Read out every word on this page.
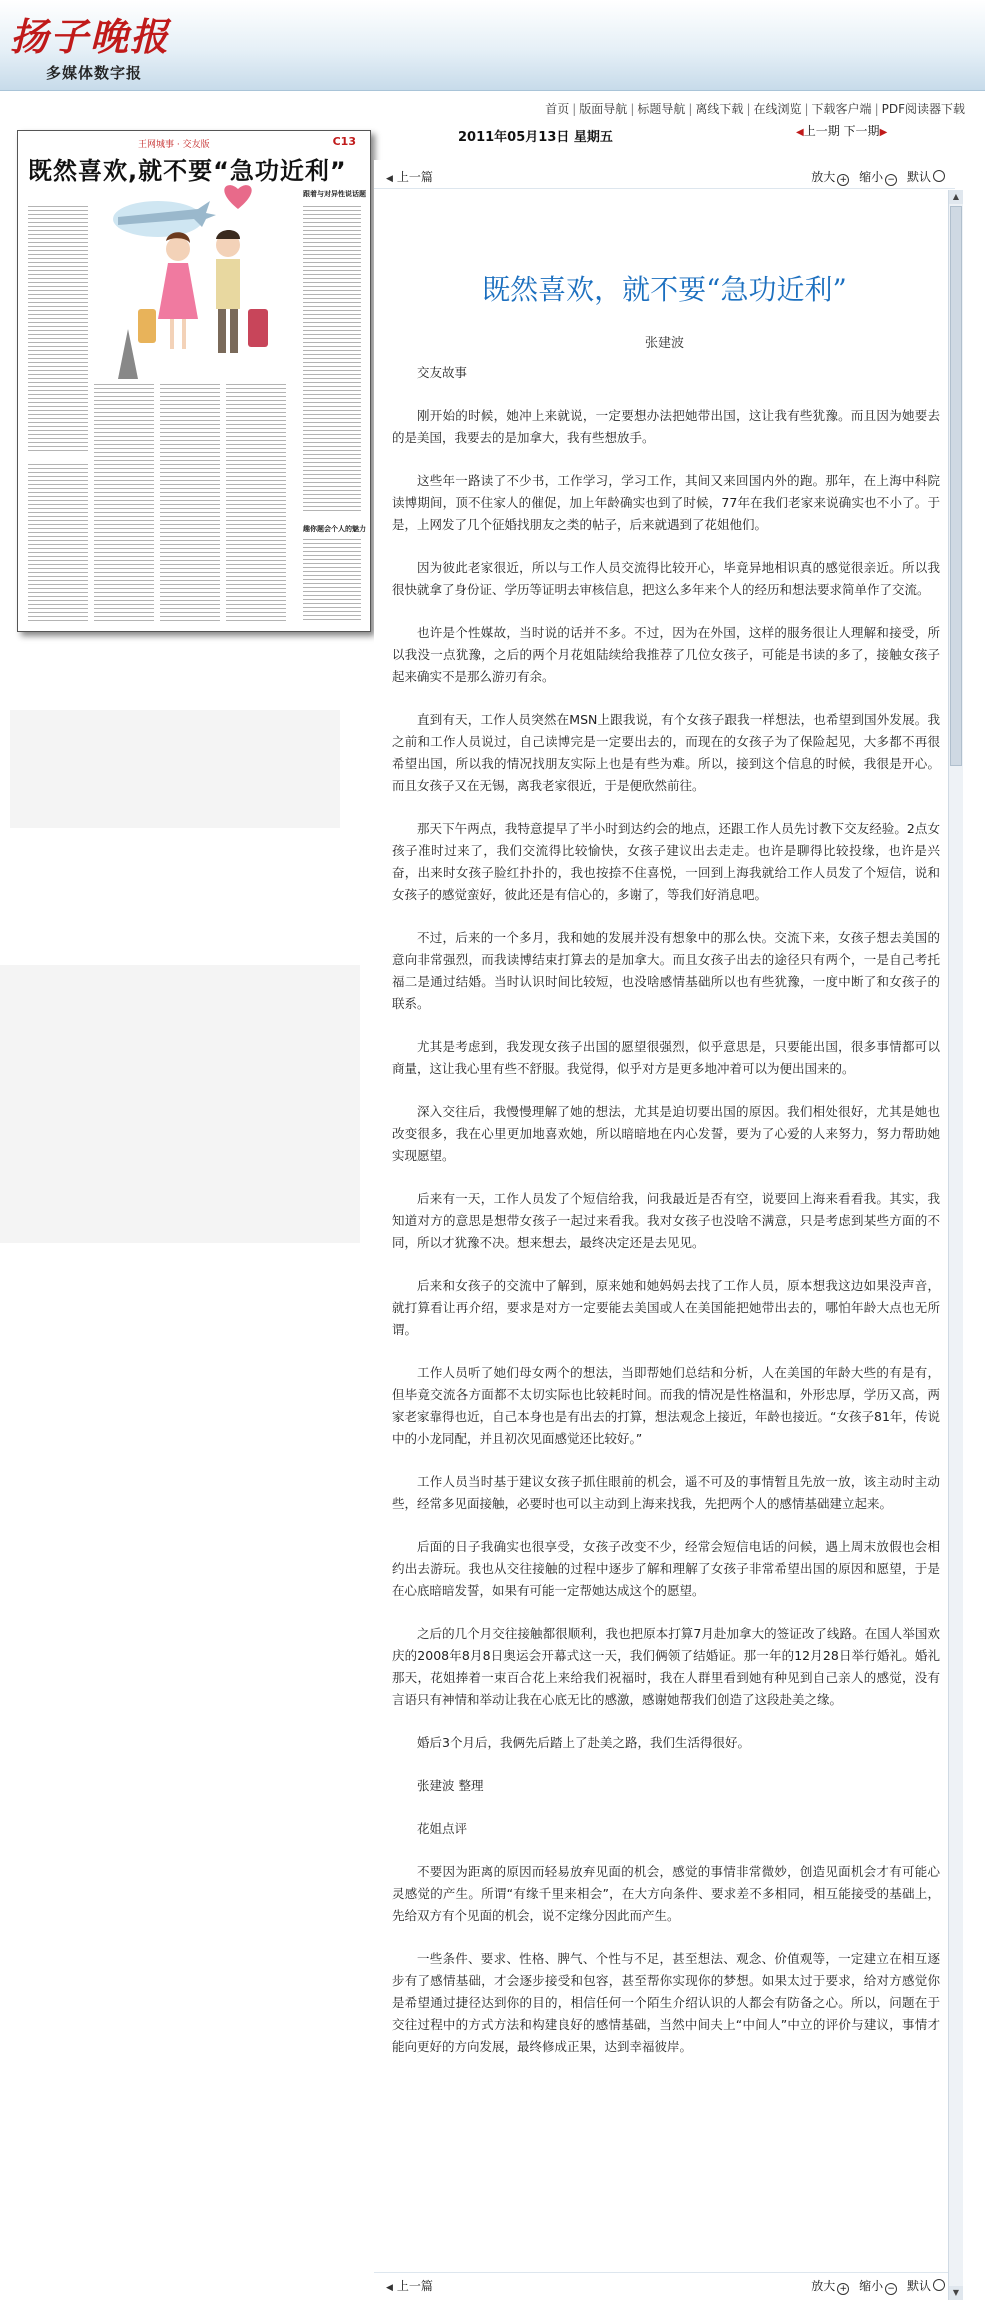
扬子晚报
多媒体数字报
首页 | 版面导航 | 标题导航 | 离线下载 | 在线浏览 | 下载客户端 | PDF阅读器下载
2011年05月13日 星期五	◀上一期 下一期▶
王网城事 · 交友版	C13
既然喜欢,就不要“急功近利”
跟着与对异性说话题
趣你题会个人的魅力
◀ 上一篇	放大 + 缩小 − 默认
既然喜欢，就不要“急功近利”
张建波

交友故事

刚开始的时候，她冲上来就说，一定要想办法把她带出国，这让我有些犹豫。而且因为她要去的是美国，我要去的是加拿大，我有些想放手。

这些年一路读了不少书，工作学习，学习工作，其间又来回国内外的跑。那年，在上海中科院读博期间，顶不住家人的催促，加上年龄确实也到了时候，77年在我们老家来说确实也不小了。于是，上网发了几个征婚找朋友之类的帖子，后来就遇到了花姐他们。

因为彼此老家很近，所以与工作人员交流得比较开心，毕竟异地相识真的感觉很亲近。所以我很快就拿了身份证、学历等证明去审核信息，把这么多年来个人的经历和想法要求简单作了交流。

也许是个性媒故，当时说的话并不多。不过，因为在外国，这样的服务很让人理解和接受，所以我没一点犹豫，之后的两个月花姐陆续给我推荐了几位女孩子，可能是书读的多了，接触女孩子起来确实不是那么游刃有余。

直到有天，工作人员突然在MSN上跟我说，有个女孩子跟我一样想法，也希望到国外发展。我之前和工作人员说过，自己读博完是一定要出去的，而现在的女孩子为了保险起见，大多都不再很希望出国，所以我的情况找朋友实际上也是有些为难。所以，接到这个信息的时候，我很是开心。而且女孩子又在无锡，离我老家很近，于是便欣然前往。

那天下午两点，我特意提早了半小时到达约会的地点，还跟工作人员先讨教下交友经验。2点女孩子准时过来了，我们交流得比较愉快，女孩子建议出去走走。也许是聊得比较投缘，也许是兴奋，出来时女孩子脸红扑扑的，我也按捺不住喜悦，一回到上海我就给工作人员发了个短信，说和女孩子的感觉蛮好，彼此还是有信心的，多谢了，等我们好消息吧。

不过，后来的一个多月，我和她的发展并没有想象中的那么快。交流下来，女孩子想去美国的意向非常强烈，而我读博结束打算去的是加拿大。而且女孩子出去的途径只有两个，一是自己考托福二是通过结婚。当时认识时间比较短，也没啥感情基础所以也有些犹豫，一度中断了和女孩子的联系。

尤其是考虑到，我发现女孩子出国的愿望很强烈，似乎意思是，只要能出国，很多事情都可以商量，这让我心里有些不舒服。我觉得，似乎对方是更多地冲着可以为便出国来的。

深入交往后，我慢慢理解了她的想法，尤其是迫切要出国的原因。我们相处很好，尤其是她也改变很多，我在心里更加地喜欢她，所以暗暗地在内心发誓，要为了心爱的人来努力，努力帮助她实现愿望。

后来有一天，工作人员发了个短信给我，问我最近是否有空，说要回上海来看看我。其实，我知道对方的意思是想带女孩子一起过来看我。我对女孩子也没啥不满意，只是考虑到某些方面的不同，所以才犹豫不决。想来想去，最终决定还是去见见。

后来和女孩子的交流中了解到，原来她和她妈妈去找了工作人员，原本想我这边如果没声音，就打算看让再介绍，要求是对方一定要能去美国或人在美国能把她带出去的，哪怕年龄大点也无所谓。

工作人员听了她们母女两个的想法，当即帮她们总结和分析，人在美国的年龄大些的有是有，但毕竟交流各方面都不太切实际也比较耗时间。而我的情况是性格温和，外形忠厚，学历又高，两家老家靠得也近，自己本身也是有出去的打算，想法观念上接近，年龄也接近。“女孩子81年，传说中的小龙同配，并且初次见面感觉还比较好。”

工作人员当时基于建议女孩子抓住眼前的机会，遥不可及的事情暂且先放一放，该主动时主动些，经常多见面接触，必要时也可以主动到上海来找我，先把两个人的感情基础建立起来。

后面的日子我确实也很享受，女孩子改变不少，经常会短信电话的问候，遇上周末放假也会相约出去游玩。我也从交往接触的过程中逐步了解和理解了女孩子非常希望出国的原因和愿望，于是在心底暗暗发誓，如果有可能一定帮她达成这个的愿望。

之后的几个月交往接触都很顺利，我也把原本打算7月赴加拿大的签证改了线路。在国人举国欢庆的2008年8月8日奥运会开幕式这一天，我们俩领了结婚证。那一年的12月28日举行婚礼。婚礼那天，花姐捧着一束百合花上来给我们祝福时，我在人群里看到她有种见到自己亲人的感觉，没有言语只有神情和举动让我在心底无比的感激，感谢她帮我们创造了这段赴美之缘。

婚后3个月后，我俩先后踏上了赴美之路，我们生活得很好。

张建波 整理

花姐点评

不要因为距离的原因而轻易放弃见面的机会，感觉的事情非常微妙，创造见面机会才有可能心灵感觉的产生。所谓“有缘千里来相会”，在大方向条件、要求差不多相同，相互能接受的基础上，先给双方有个见面的机会，说不定缘分因此而产生。

一些条件、要求、性格、脾气、个性与不足，甚至想法、观念、价值观等，一定建立在相互逐步有了感情基础，才会逐步接受和包容，甚至帮你实现你的梦想。如果太过于要求，给对方感觉你是希望通过捷径达到你的目的，相信任何一个陌生介绍认识的人都会有防备之心。所以，问题在于交往过程中的方式方法和构建良好的感情基础，当然中间夫上“中间人”中立的评价与建议，事情才能向更好的方向发展，最终修成正果，达到幸福彼岸。

◀ 上一篇	放大 + 缩小 − 默认
▲
▼
